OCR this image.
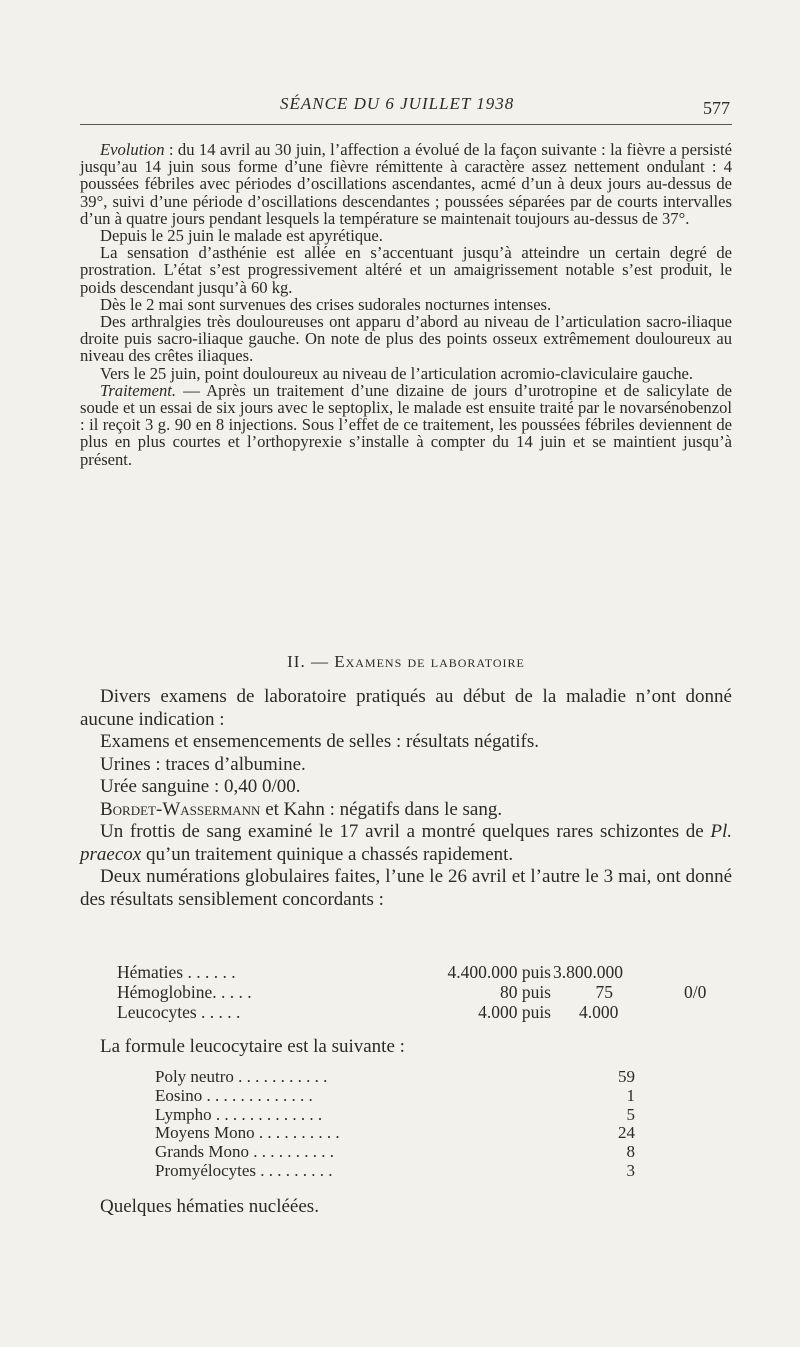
SÉANCE DU 6 JUILLET 1938	577

Evolution : du 14 avril au 30 juin, l’affection a évolué de la façon suivante : la fièvre a persisté jusqu’au 14 juin sous forme d’une fièvre rémittente à caractère assez nettement ondulant : 4 poussées fébriles avec périodes d’oscillations ascendantes, acmé d’un à deux jours au-dessus de 39°, suivi d’une période d’oscillations descendantes ; poussées séparées par de courts intervalles d’un à quatre jours pendant lesquels la température se maintenait toujours au-dessus de 37°.

Depuis le 25 juin le malade est apyrétique.

La sensation d’asthénie est allée en s’accentuant jusqu’à atteindre un certain degré de prostration. L’état s’est progressivement altéré et un amaigrissement notable s’est produit, le poids descendant jusqu’à 60 kg.

Dès le 2 mai sont survenues des crises sudorales nocturnes intenses.

Des arthralgies très douloureuses ont apparu d’abord au niveau de l’articulation sacro-iliaque droite puis sacro-iliaque gauche. On note de plus des points osseux extrêmement douloureux au niveau des crêtes iliaques.

Vers le 25 juin, point douloureux au niveau de l’articulation acromio-claviculaire gauche.

Traitement. — Après un traitement d’une dizaine de jours d’urotropine et de salicylate de soude et un essai de six jours avec le septoplix, le malade est ensuite traité par le novarsénobenzol : il reçoit 3 g. 90 en 8 injections. Sous l’effet de ce traitement, les poussées fébriles deviennent de plus en plus courtes et l’orthopyrexie s’installe à compter du 14 juin et se maintient jusqu’à présent.

II. — Examens de laboratoire

Divers examens de laboratoire pratiqués au début de la maladie n’ont donné aucune indication :

Examens et ensemencements de selles : résultats négatifs.

Urines : traces d’albumine.

Urée sanguine : 0,40 0/00.

Bordet-Wassermann et Kahn : négatifs dans le sang.

Un frottis de sang examiné le 17 avril a montré quelques rares schizontes de Pl. praecox qu’un traitement quinique a chassés rapidement.

Deux numérations globulaires faites, l’une le 26 avril et l’autre le 3 mai, ont donné des résultats sensiblement concordants :

Hématies . . . . . .	4.400.000 puis 3.800.000
Hémoglobine. . . . .	80 puis	75	0/0
Leucocytes . . . . .	4.000 puis	4.000
La formule leucocytaire est la suivante :
Poly neutro . . . . . . . . . . .	59
Eosino . . . . . . . . . . . . .	1
Lympho . . . . . . . . . . . . .	5
Moyens Mono . . . . . . . . . .	24
Grands Mono . . . . . . . . . .	8
Promyélocytes . . . . . . . . .	3
Quelques hématies nucléées.
